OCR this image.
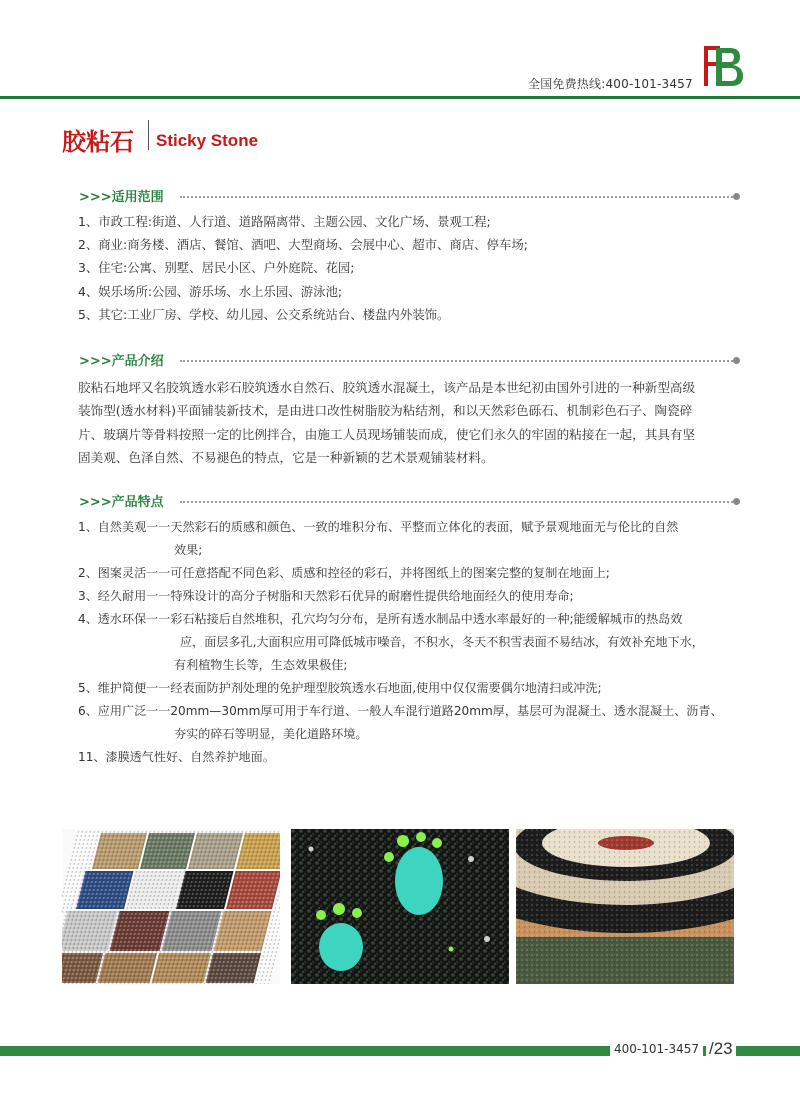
全国免费热线:400-101-3457
胶粘石 Sticky Stone
>>>适用范围
1、市政工程:街道、人行道、道路隔离带、主题公园、文化广场、景观工程;
2、商业:商务楼、酒店、餐馆、酒吧、大型商场、会展中心、超市、商店、停车场;
3、住宅:公寓、别墅、居民小区、户外庭院、花园;
4、娱乐场所:公园、游乐场、水上乐园、游泳池;
5、其它:工业厂房、学校、幼儿园、公交系统站台、楼盘内外装饰。
>>>产品介绍
胶粘石地坪又名胶筑透水彩石胶筑透水自然石、胶筑透水混凝土，该产品是本世纪初由国外引进的一种新型高级
装饰型(透水材料)平面铺装新技术，是由进口改性树脂胶为粘结剂，和以天然彩色砾石、机制彩色石子、陶瓷碎
片、玻璃片等骨料按照一定的比例拌合，由施工人员现场铺装而成，使它们永久的牢固的粘接在一起，其具有坚
固美观、色泽自然、不易褪色的特点，它是一种新颖的艺术景观铺装材料。
>>>产品特点
1、自然美观一一天然彩石的质感和颜色、一致的堆积分布、平整而立体化的表面，赋予景观地面无与伦比的自然
效果;
2、图案灵活一一可任意搭配不同色彩、质感和控径的彩石，并将图纸上的图案完整的复制在地面上;
3、经久耐用一一特殊设计的高分子树脂和天然彩石优异的耐磨性提供给地面经久的使用寿命;
4、透水环保一一彩石粘接后自然堆积，孔穴均匀分布，是所有透水制品中透水率最好的一种;能缓解城市的热岛效
应，面层多孔,大面积应用可降低城市噪音，不积水，冬天不积雪表面不易结冰，有效补充地下水，
有利植物生长等，生态效果极佳;
5、维护简便一一经表面防护剂处理的免护理型胶筑透水石地面,使用中仅仅需要偶尔地清扫或冲洗;
6、应用广泛一一20mm—30mm厚可用于车行道、一般人车混行道路20mm厚，基层可为混凝土、透水混凝土、沥青、
夯实的碎石等明显，美化道路环境。
11、漆膜透气性好、自然养护地面。
400-101-3457 /23
